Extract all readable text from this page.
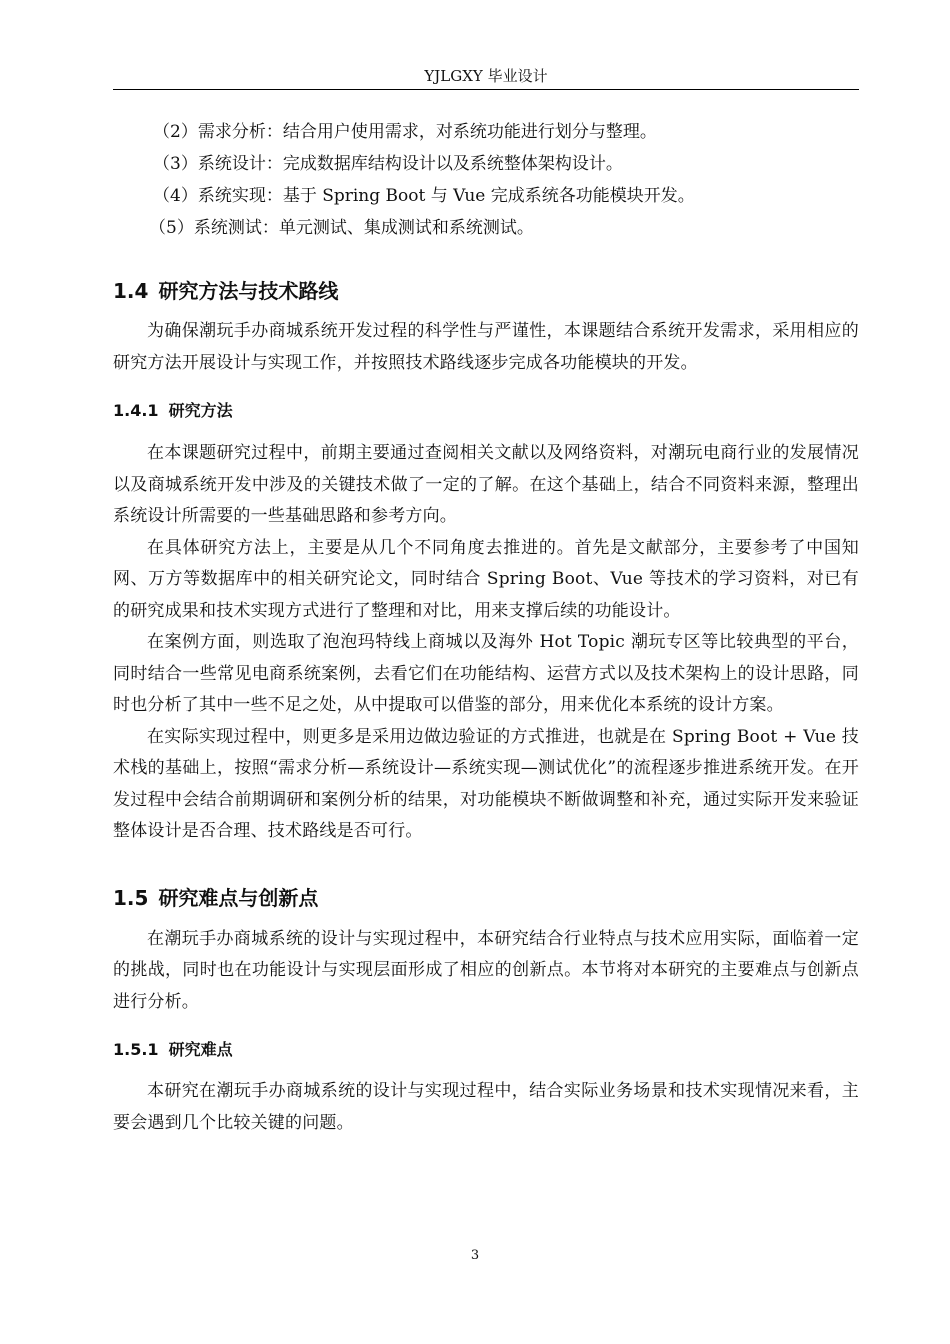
YJLGXY 毕业设计
（2）需求分析：结合用户使用需求，对系统功能进行划分与整理。
（3）系统设计：完成数据库结构设计以及系统整体架构设计。
（4）系统实现：基于 Spring Boot 与 Vue 完成系统各功能模块开发。
（5）系统测试：单元测试、集成测试和系统测试。
1.4 研究方法与技术路线

为确保潮玩手办商城系统开发过程的科学性与严谨性，本课题结合系统开发需求，采用相应的研究方法开展设计与实现工作，并按照技术路线逐步完成各功能模块的开发。

1.4.1 研究方法

在本课题研究过程中，前期主要通过查阅相关文献以及网络资料，对潮玩电商行业的发展情况以及商城系统开发中涉及的关键技术做了一定的了解。在这个基础上，结合不同资料来源，整理出系统设计所需要的一些基础思路和参考方向。

在具体研究方法上，主要是从几个不同角度去推进的。首先是文献部分，主要参考了中国知网、万方等数据库中的相关研究论文，同时结合 Spring Boot、Vue 等技术的学习资料，对已有的研究成果和技术实现方式进行了整理和对比，用来支撑后续的功能设计。

在案例方面，则选取了泡泡玛特线上商城以及海外 Hot Topic 潮玩专区等比较典型的平台，同时结合一些常见电商系统案例，去看它们在功能结构、运营方式以及技术架构上的设计思路，同时也分析了其中一些不足之处，从中提取可以借鉴的部分，用来优化本系统的设计方案。

在实际实现过程中，则更多是采用边做边验证的方式推进，也就是在 Spring Boot + Vue 技术栈的基础上，按照“需求分析—系统设计—系统实现—测试优化”的流程逐步推进系统开发。在开发过程中会结合前期调研和案例分析的结果，对功能模块不断做调整和补充，通过实际开发来验证整体设计是否合理、技术路线是否可行。

1.5 研究难点与创新点

在潮玩手办商城系统的设计与实现过程中，本研究结合行业特点与技术应用实际，面临着一定的挑战，同时也在功能设计与实现层面形成了相应的创新点。本节将对本研究的主要难点与创新点进行分析。

1.5.1 研究难点

本研究在潮玩手办商城系统的设计与实现过程中，结合实际业务场景和技术实现情况来看，主要会遇到几个比较关键的问题。

3
